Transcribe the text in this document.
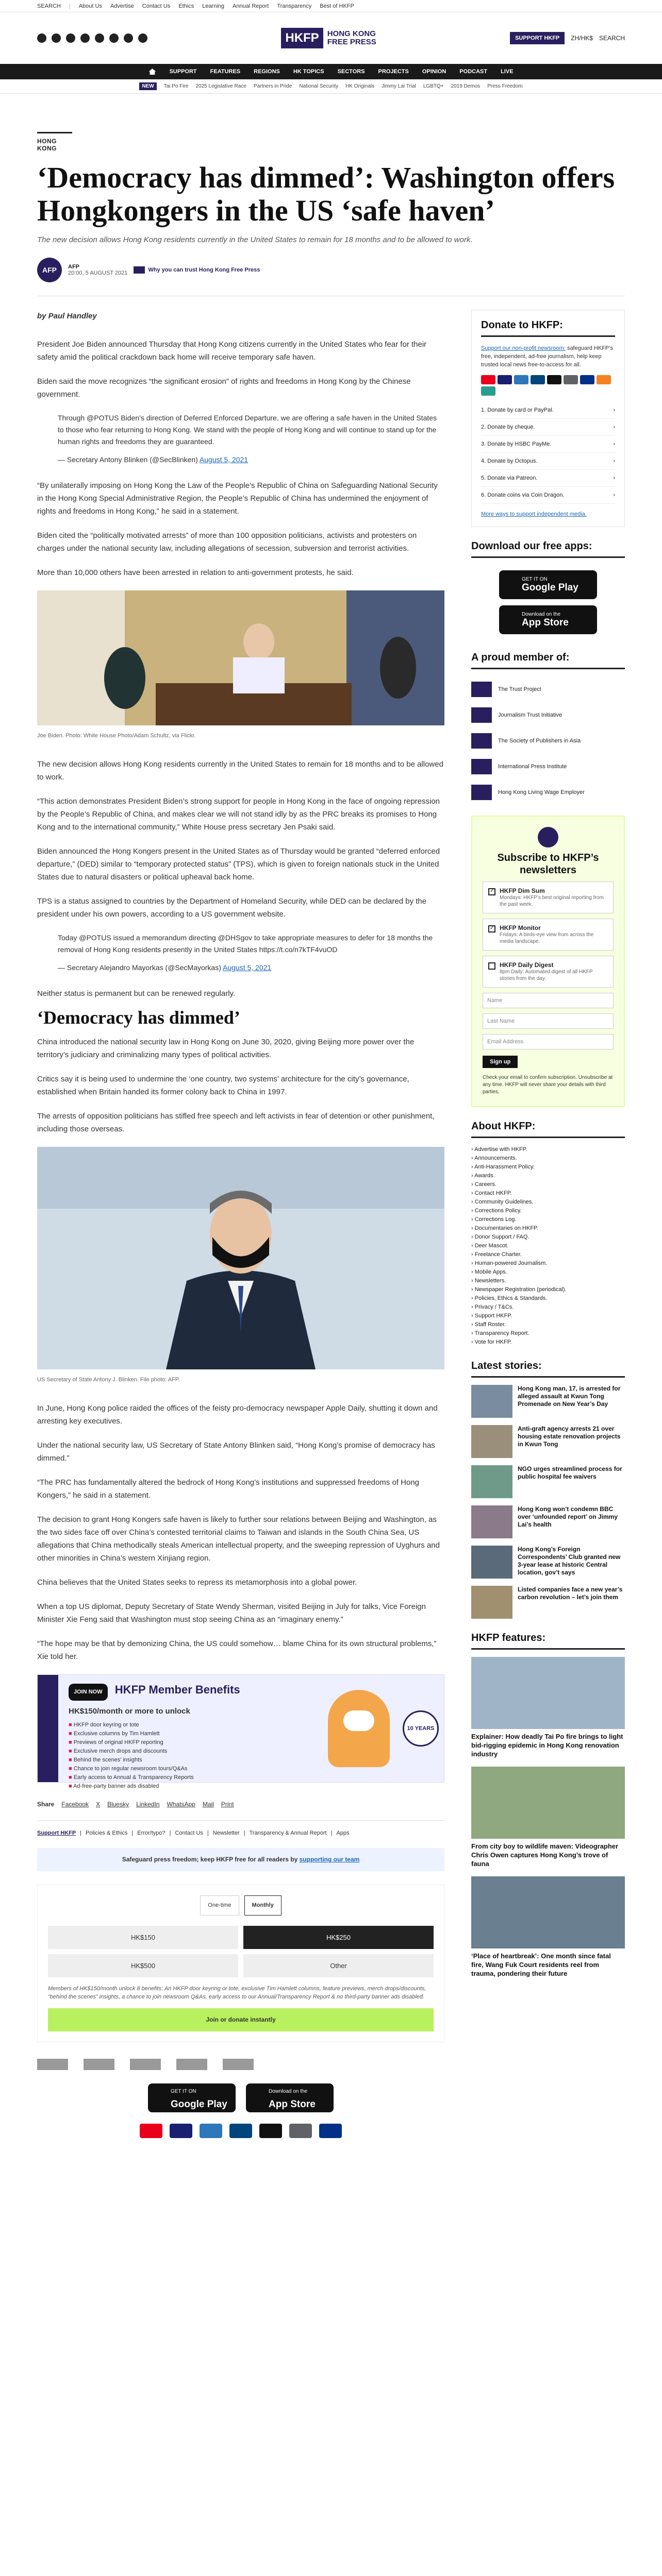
SEARCH | About Us Advertise Contact Us Ethics Learning Annual Report Transparency Best of HKFP
HKFP	HONG KONG
FREE PRESS	SUPPORT HKFP	ZH/HK$ SEARCH
SUPPORT FEATURES REGIONS HK TOPICS SECTORS PROJECTS OPINION PODCAST LIVE
NEW	Tai Po Fire 2025 Legislative Race Partners in Pride National Security HK Originals Jimmy Lai Trial LGBTQ+ 2019 Demos Press Freedom
HONG KONG
‘Democracy has dimmed’: Washington offers Hongkongers in the US ‘safe haven’
The new decision allows Hong Kong residents currently in the United States to remain for 18 months and to be allowed to work.
AFP	AFP
20:00, 5 AUGUST 2021	Why you can trust Hong Kong Free Press

by Paul Handley

President Joe Biden announced Thursday that Hong Kong citizens currently in the United States who fear for their safety amid the political crackdown back home will receive temporary safe haven.

Biden said the move recognizes “the significant erosion” of rights and freedoms in Hong Kong by the Chinese government.

Through @POTUS Biden’s direction of Deferred Enforced Departure, we are offering a safe haven in the United States to those who fear returning to Hong Kong. We stand with the people of Hong Kong and will continue to stand up for the human rights and freedoms they are guaranteed.
— Secretary Antony Blinken (@SecBlinken) August 5, 2021

“By unilaterally imposing on Hong Kong the Law of the People’s Republic of China on Safeguarding National Security in the Hong Kong Special Administrative Region, the People’s Republic of China has undermined the enjoyment of rights and freedoms in Hong Kong,” he said in a statement.

Biden cited the “politically motivated arrests” of more than 100 opposition politicians, activists and protesters on charges under the national security law, including allegations of secession, subversion and terrorist activities.

More than 10,000 others have been arrested in relation to anti-government protests, he said.

Joe Biden. Photo: White House Photo/Adam Schultz, via Flickr.

The new decision allows Hong Kong residents currently in the United States to remain for 18 months and to be allowed to work.

“This action demonstrates President Biden’s strong support for people in Hong Kong in the face of ongoing repression by the People’s Republic of China, and makes clear we will not stand idly by as the PRC breaks its promises to Hong Kong and to the international community,” White House press secretary Jen Psaki said.

Biden announced the Hong Kongers present in the United States as of Thursday would be granted “deferred enforced departure,” (DED) similar to “temporary protected status” (TPS), which is given to foreign nationals stuck in the United States due to natural disasters or political upheaval back home.

TPS is a status assigned to countries by the Department of Homeland Security, while DED can be declared by the president under his own powers, according to a US government website.

Today @POTUS issued a memorandum directing @DHSgov to take appropriate measures to defer for 18 months the removal of Hong Kong residents presently in the United States https://t.co/n7kTF4vuOD
— Secretary Alejandro Mayorkas (@SecMayorkas) August 5, 2021

Neither status is permanent but can be renewed regularly.

‘Democracy has dimmed’

China introduced the national security law in Hong Kong on June 30, 2020, giving Beijing more power over the territory’s judiciary and criminalizing many types of political activities.

Critics say it is being used to undermine the ‘one country, two systems’ architecture for the city’s governance, established when Britain handed its former colony back to China in 1997.

The arrests of opposition politicians has stifled free speech and left activists in fear of detention or other punishment, including those overseas.

US Secretary of State Antony J. Blinken. File photo: AFP.

In June, Hong Kong police raided the offices of the feisty pro-democracy newspaper Apple Daily, shutting it down and arresting key executives.

Under the national security law, US Secretary of State Antony Blinken said, “Hong Kong’s promise of democracy has dimmed.”

“The PRC has fundamentally altered the bedrock of Hong Kong’s institutions and suppressed freedoms of Hong Kongers,” he said in a statement.

The decision to grant Hong Kongers safe haven is likely to further sour relations between Beijing and Washington, as the two sides face off over China’s contested territorial claims to Taiwan and islands in the South China Sea, US allegations that China methodically steals American intellectual property, and the sweeping repression of Uyghurs and other minorities in China’s western Xinjiang region.

China believes that the United States seeks to repress its metamorphosis into a global power.

When a top US diplomat, Deputy Secretary of State Wendy Sherman, visited Beijing in July for talks, Vice Foreign Minister Xie Feng said that Washington must stop seeing China as an “imaginary enemy.”

“The hope may be that by demonizing China, the US could somehow… blame China for its own structural problems,” Xie told her.

JOIN NOW HKFP Member Benefits
HK$150/month or more to unlock
■ HKFP door keyring or tote
■ Exclusive columns by Tim Hamlett
■ Previews of original HKFP reporting
■ Exclusive merch drops and discounts
■ Behind the scenes' insights
■ Chance to join regular newsroom tours/Q&As
■ Early access to Annual & Transparency Reports
■ Ad-free-party banner ads disabled
10 YEARS
Share Facebook X Bluesky LinkedIn WhatsApp Mail Print
Support HKFP | Policies & Ethics | Error/typo? | Contact Us | Newsletter | Transparency & Annual Report | Apps
Safeguard press freedom; keep HKFP free for all readers by supporting our team
One-time	Monthly
HK$150	HK$250
HK$500	Other
Members of HK$150/month unlock 8 benefits: An HKFP door keyring or tote, exclusive Tim Hamlett columns, feature previews, merch drops/discounts, “behind the scenes” insights, a chance to join newsroom Q&As, early access to our Annual/Transparency Report & no third-party banner ads disabled.
Join or donate instantly
GET IT ON
Google Play
Download on the
App Store
Donate to HKFP:
Support our non-profit newsroom: safeguard HKFP’s free, independent, ad-free journalism, help keep trusted local news free-to-access for all.
1. Donate by card or PayPal. ›
2. Donate by cheque. ›
3. Donate by HSBC PayMe. ›
4. Donate by Octopus. ›
5. Donate via Patreon. ›
6. Donate coins via Coin Dragon. ›
More ways to support independent media.
Download our free apps:
GET IT ON
Google Play
Download on the
App Store
A proud member of:
The Trust Project
Journalism Trust Initiative
The Society of Publishers in Asia
International Press Institute
Hong Kong Living Wage Employer
Subscribe to HKFP’s newsletters
✓
HKFP Dim Sum
Mondays: HKFP’s best original reporting from the past week.
✓
HKFP Monitor
Fridays: A birds-eye view from across the media landscape.
HKFP Daily Digest
8pm Daily: Automated digest of all HKFP stories from the day.
Name
Last Name
Email Address
Sign up
Check your email to confirm subscription. Unsubscribe at any time. HKFP will never share your details with third parties.
About HKFP:
› Advertise with HKFP.
› Announcements.
› Anti-Harassment Policy.
› Awards.
› Careers.
› Contact HKFP.
› Community Guidelines.
› Corrections Policy.
› Corrections Log.
› Documentaries on HKFP.
› Donor Support / FAQ.
› Deer Mascot.
› Freelance Charter.
› Human-powered Journalism.
› Mobile Apps.
› Newsletters.
› Newspaper Registration (periodical).
› Policies, Ethics & Standards.
› Privacy / T&Cs.
› Support HKFP.
› Staff Roster.
› Transparency Report.
› Vote for HKFP.
Latest stories:
Hong Kong man, 17, is arrested for alleged assault at Kwun Tong Promenade on New Year’s Day
Anti-graft agency arrests 21 over housing estate renovation projects in Kwun Tong
NGO urges streamlined process for public hospital fee waivers
Hong Kong won’t condemn BBC over ‘unfounded report’ on Jimmy Lai’s health
Hong Kong’s Foreign Correspondents’ Club granted new 3-year lease at historic Central location, gov’t says
Listed companies face a new year’s carbon revolution – let’s join them
HKFP features:
Explainer: How deadly Tai Po fire brings to light bid-rigging epidemic in Hong Kong renovation industry
From city boy to wildlife maven: Videographer Chris Owen captures Hong Kong’s trove of fauna
‘Place of heartbreak’: One month since fatal fire, Wang Fuk Court residents reel from trauma, pondering their future
